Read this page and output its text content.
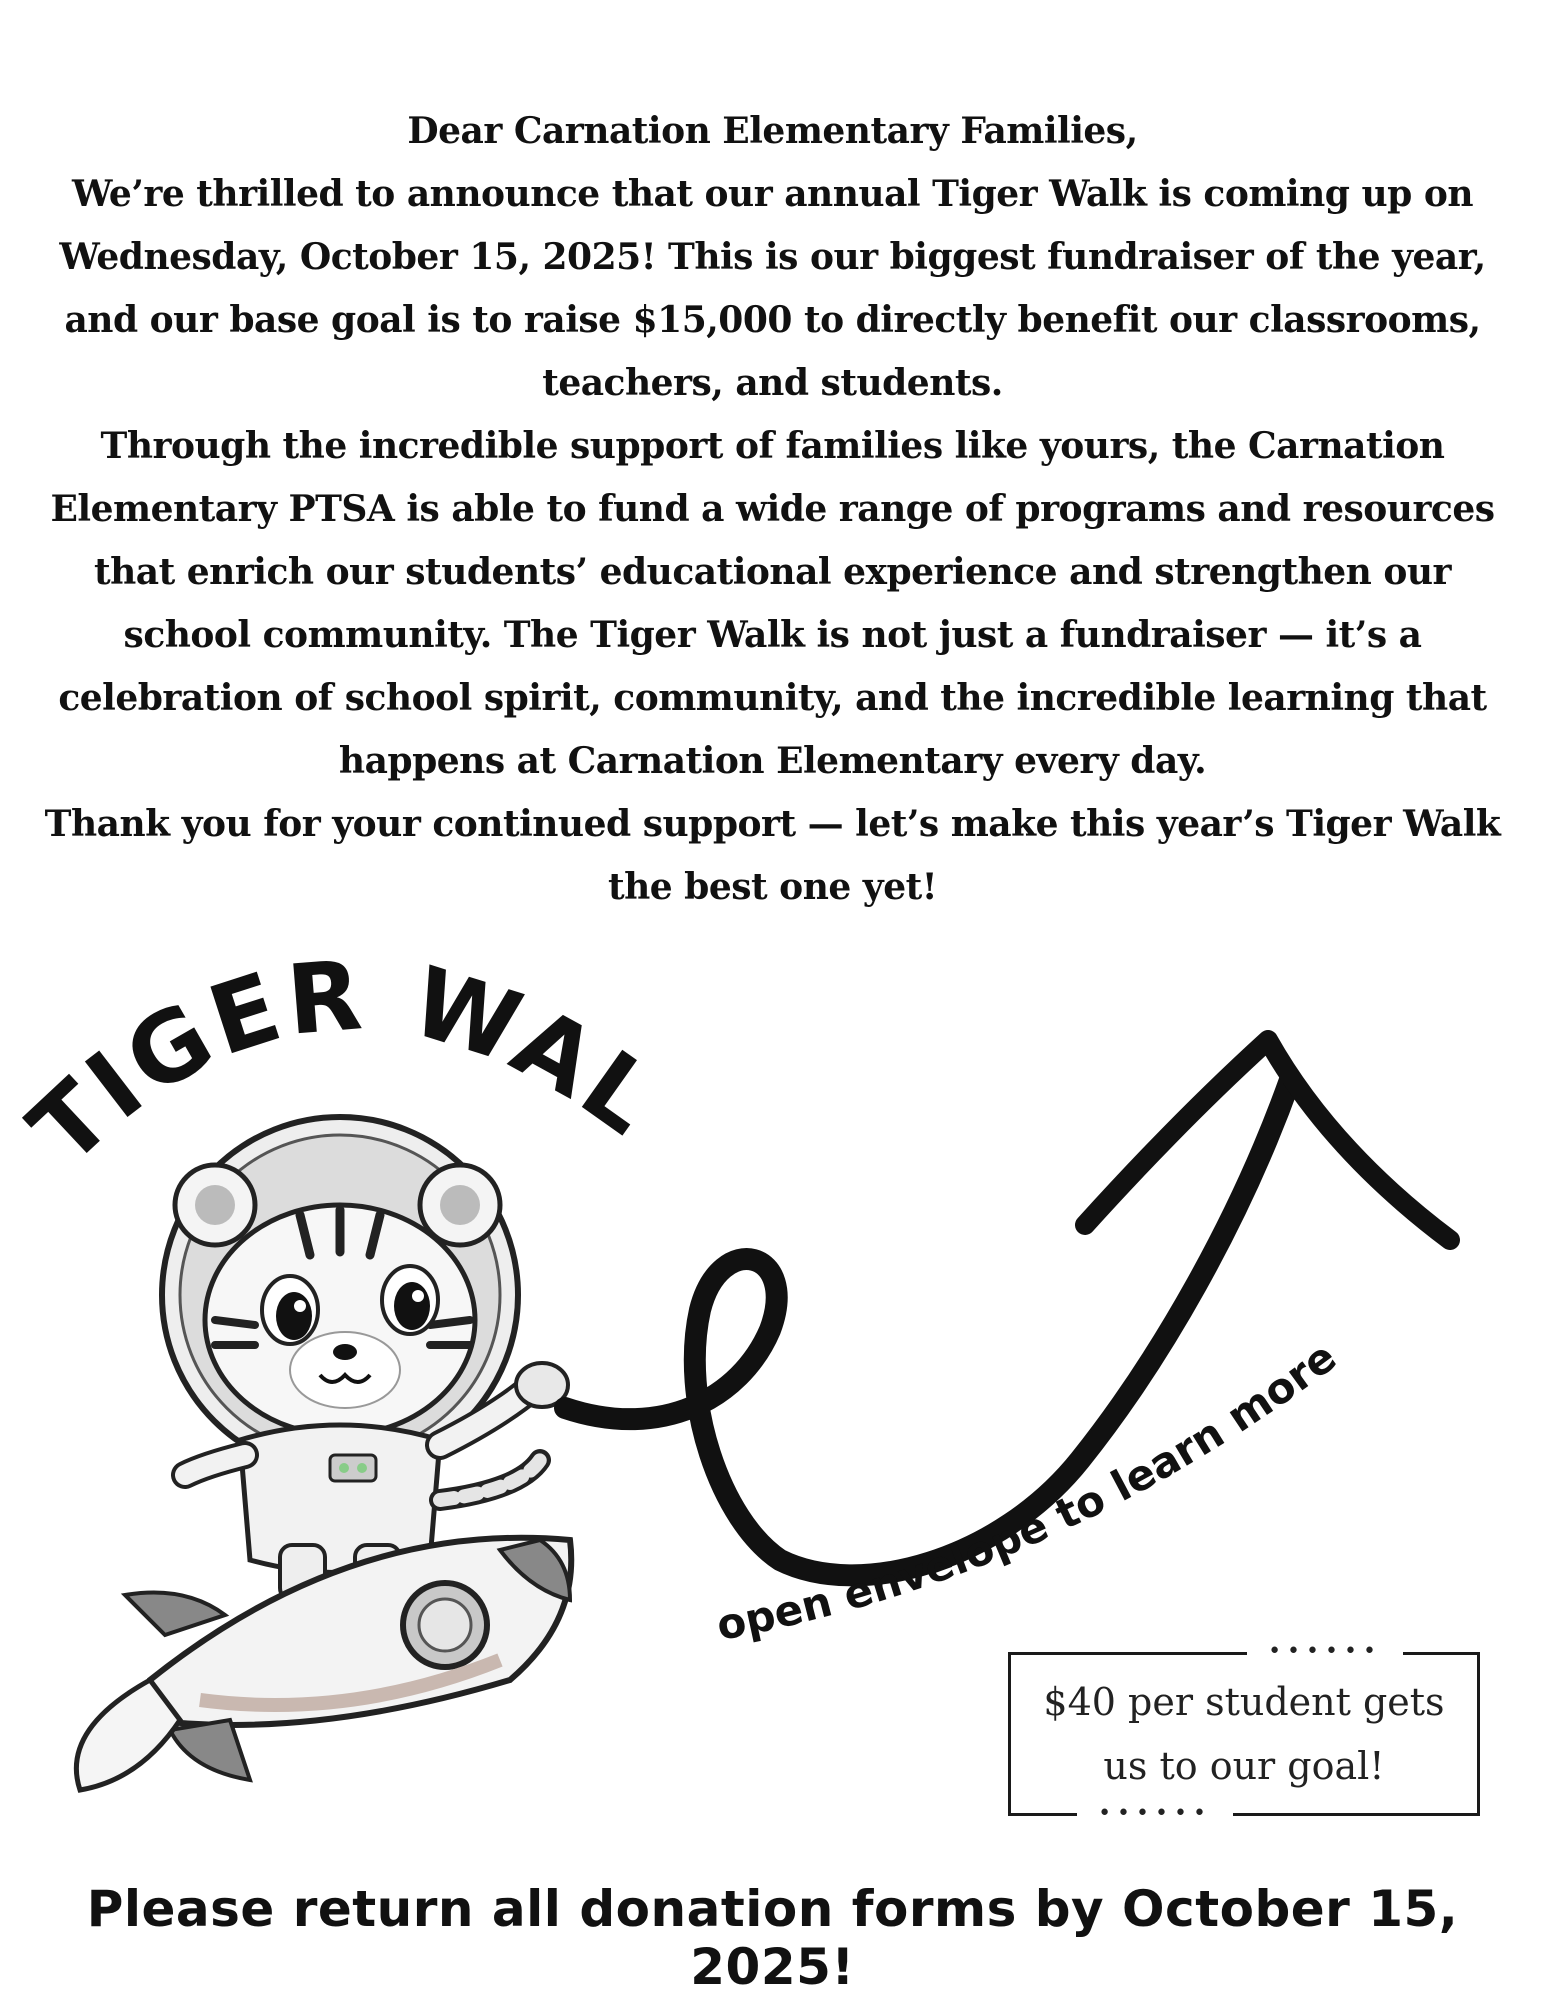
Dear Carnation Elementary Families,

We’re thrilled to announce that our annual Tiger Walk is coming up on Wednesday, October 15, 2025! This is our biggest fundraiser of the year, and our base goal is to raise $15,000 to directly benefit our classrooms, teachers, and students.

Through the incredible support of families like yours, the Carnation Elementary PTSA is able to fund a wide range of programs and resources that enrich our students’ educational experience and strengthen our school community. The Tiger Walk is not just a fundraiser — it’s a celebration of school spirit, community, and the incredible learning that happens at Carnation Elementary every day.

Thank you for your continued support — let’s make this year’s Tiger Walk the best one yet!

TIGER WAL
open envelope to learn more
••••••
$40 per student gets
us to our goal!
••••••
Please return all donation forms by October 15, 2025!
